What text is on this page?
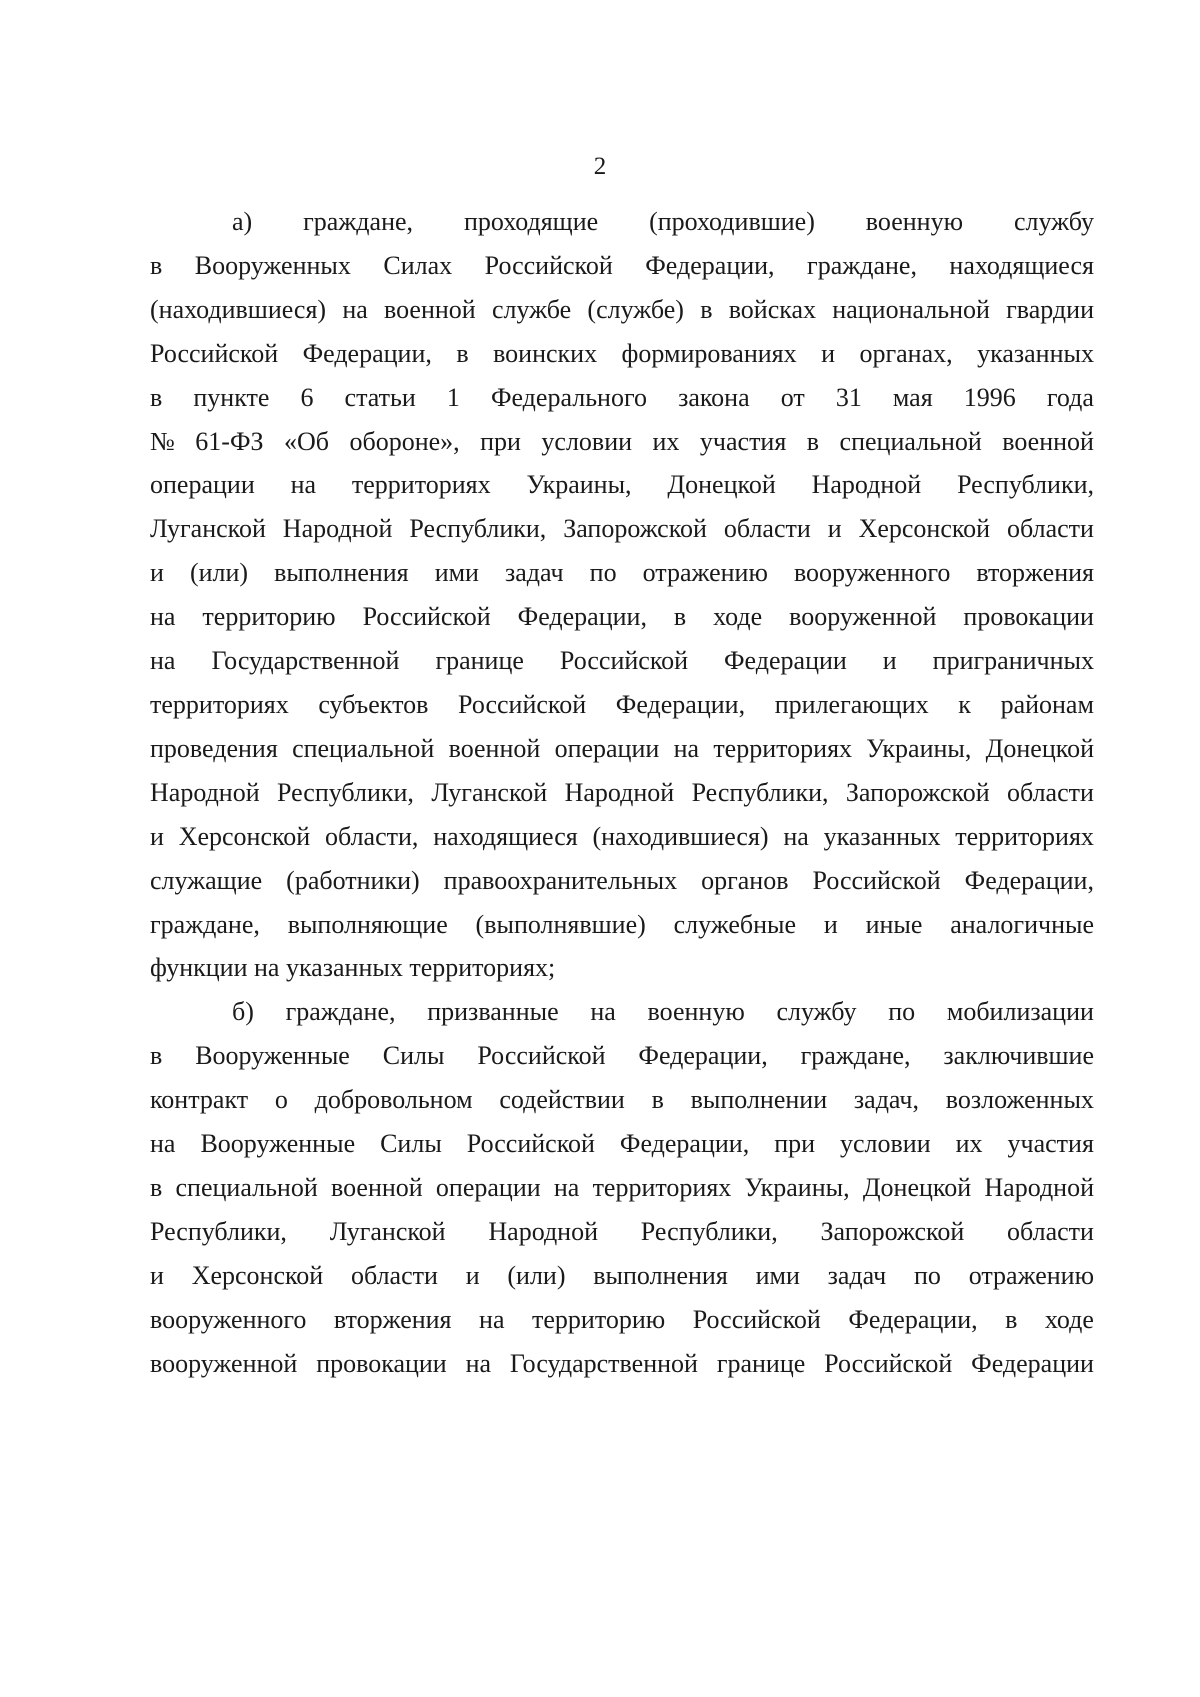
2
а) граждане, проходящие (проходившие) военную службу
в Вооруженных Силах Российской Федерации, граждане, находящиеся
(находившиеся) на военной службе (службе) в войсках национальной гвардии
Российской Федерации, в воинских формированиях и органах, указанных
в пункте 6 статьи 1 Федерального закона от 31 мая 1996 года
№ 61-ФЗ «Об обороне», при условии их участия в специальной военной
операции на территориях Украины, Донецкой Народной Республики,
Луганской Народной Республики, Запорожской области и Херсонской области
и (или) выполнения ими задач по отражению вооруженного вторжения
на территорию Российской Федерации, в ходе вооруженной провокации
на Государственной границе Российской Федерации и приграничных
территориях субъектов Российской Федерации, прилегающих к районам
проведения специальной военной операции на территориях Украины, Донецкой
Народной Республики, Луганской Народной Республики, Запорожской области
и Херсонской области, находящиеся (находившиеся) на указанных территориях
служащие (работники) правоохранительных органов Российской Федерации,
граждане, выполняющие (выполнявшие) служебные и иные аналогичные
функции на указанных территориях;
б) граждане, призванные на военную службу по мобилизации
в Вооруженные Силы Российской Федерации, граждане, заключившие
контракт о добровольном содействии в выполнении задач, возложенных
на Вооруженные Силы Российской Федерации, при условии их участия
в специальной военной операции на территориях Украины, Донецкой Народной
Республики, Луганской Народной Республики, Запорожской области
и Херсонской области и (или) выполнения ими задач по отражению
вооруженного вторжения на территорию Российской Федерации, в ходе
вооруженной провокации на Государственной границе Российской Федерации
